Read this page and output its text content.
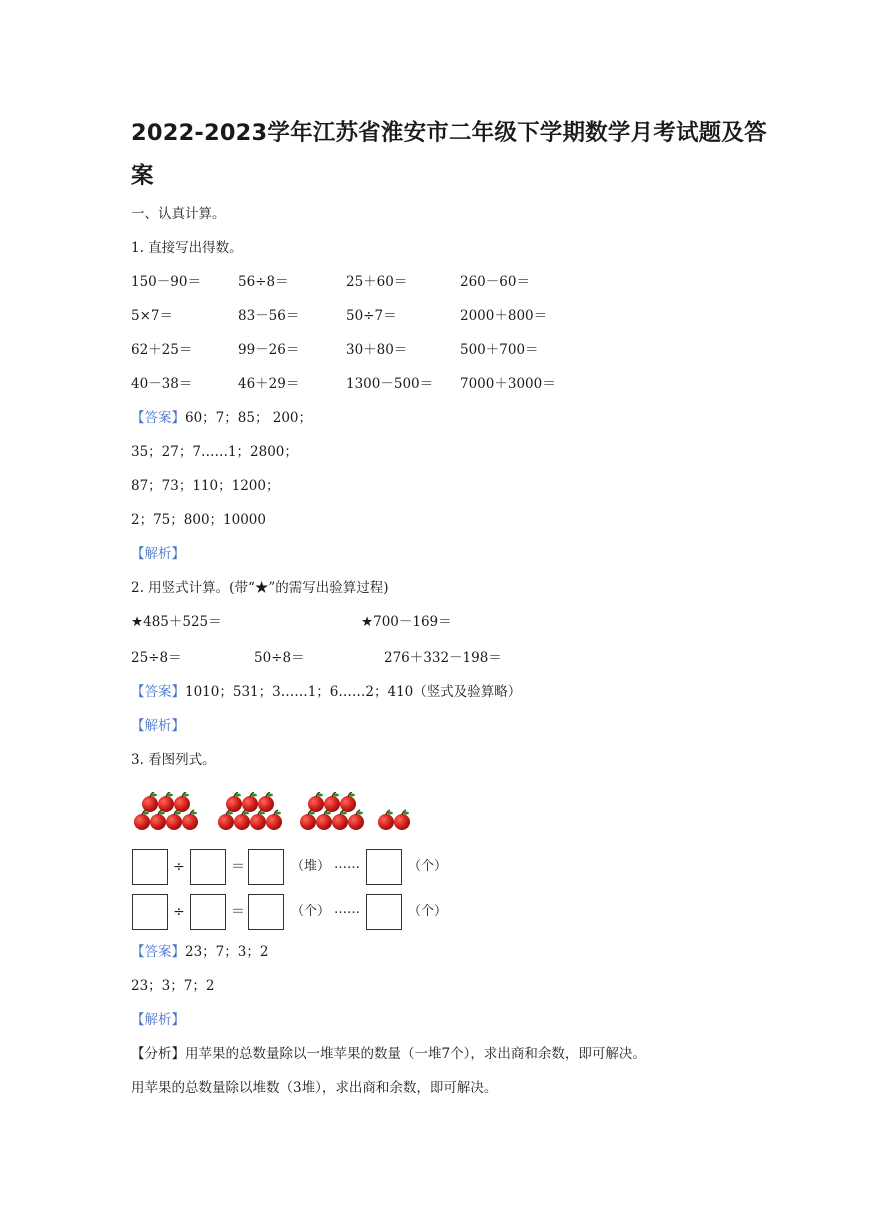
2022-2023学年江苏省淮安市二年级下学期数学月考试题及答案
一、认真计算。
1. 直接写出得数。
150－90＝	56÷8＝	25＋60＝	260－60＝
5×7＝	83－56＝	50÷7＝	2000＋800＝
62＋25＝	99－26＝	30＋80＝	500＋700＝
40－38＝	46＋29＝	1300－500＝ 7000＋3000＝
【答案】60；7；85； 200；
35；27；7……1；2800；
87；73；110；1200；
2；75；800；10000
【解析】
2. 用竖式计算。(带“★”的需写出验算过程)
★485＋525＝	★700－169＝
25÷8＝	50÷8＝	276＋332－198＝
【答案】1010；531；3……1；6……2；410（竖式及验算略）
【解析】
3. 看图列式。
÷	＝	（堆） ……	（个）
÷	＝	（个） ……	（个）
【答案】23；7；3；2
23；3；7；2
【解析】
【分析】用苹果的总数量除以一堆苹果的数量（一堆7个），求出商和余数，即可解决。
用苹果的总数量除以堆数（3堆），求出商和余数，即可解决。
